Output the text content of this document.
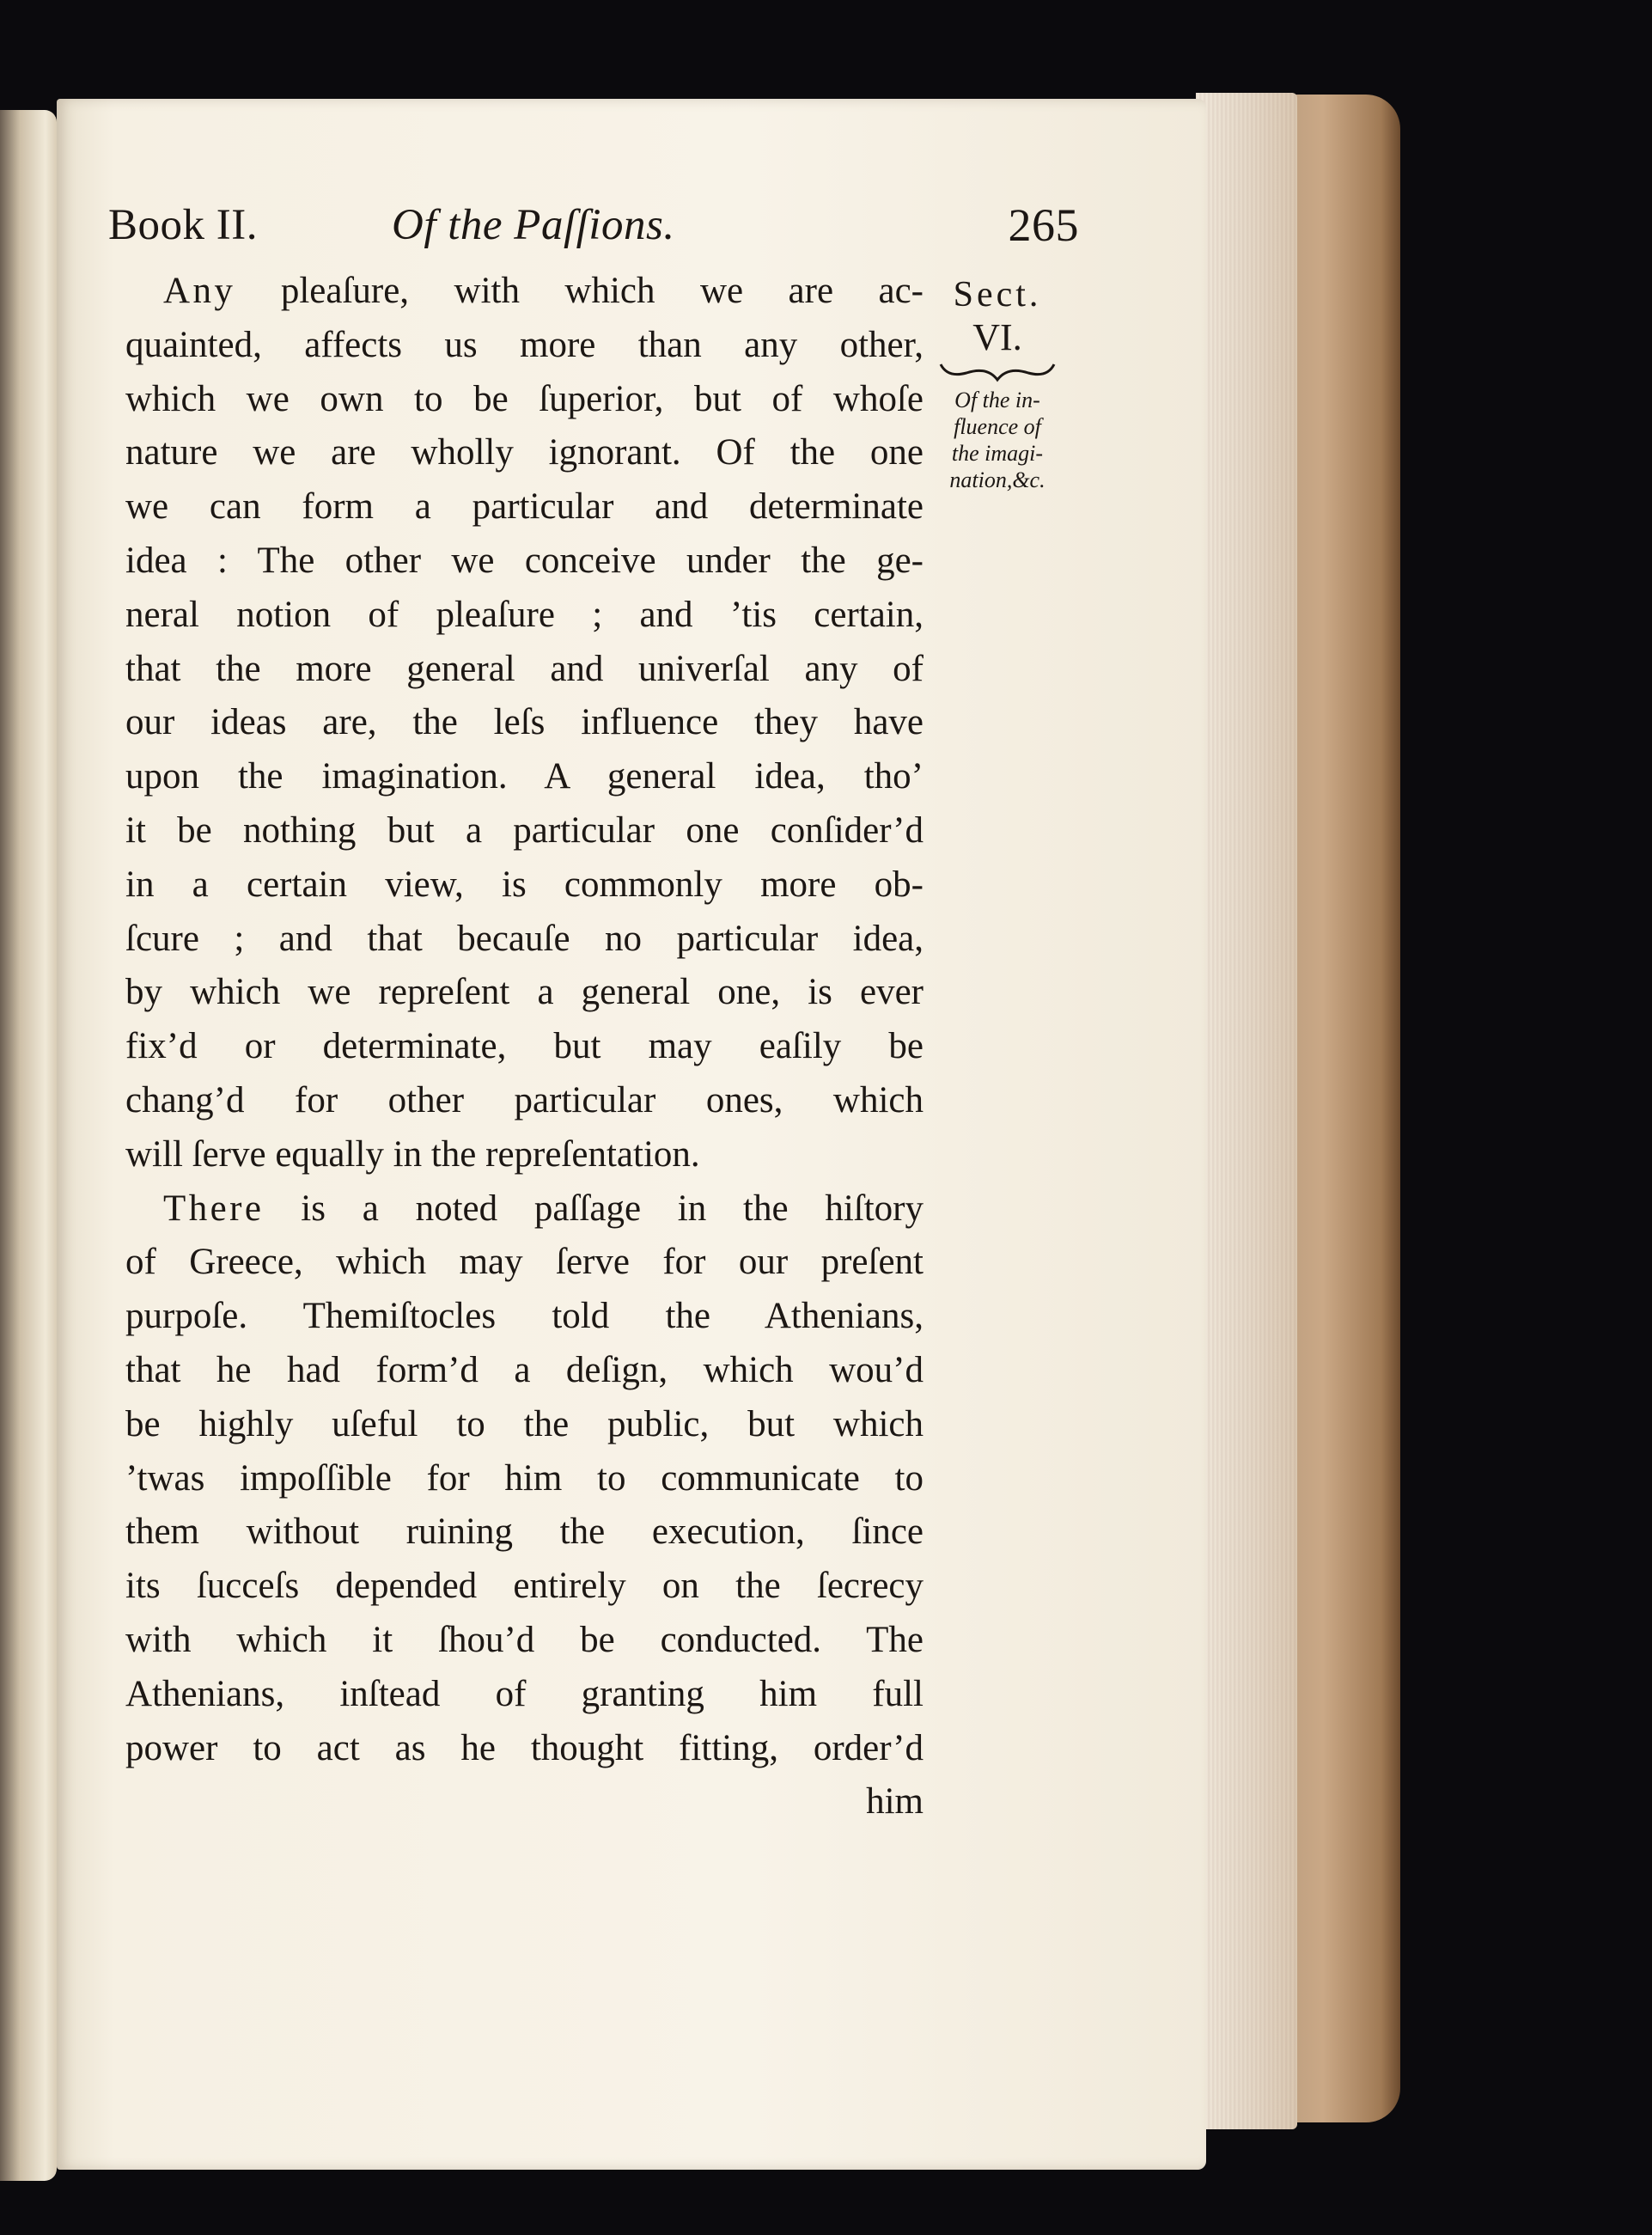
Book II.	Of the Paſſions.	265
Sect.
VI.
Of the in-
fluence of
the imagi-
nation,&c.
Any pleaſure, with which we are ac-
quainted, affects us more than any other,
which we own to be ſuperior, but of whoſe
nature we are wholly ignorant. Of the one
we can form a particular and determinate
idea : The other we conceive under the ge-
neral notion of pleaſure ; and ’tis certain,
that the more general and univerſal any of
our ideas are, the leſs influence they have
upon the imagination. A general idea, tho’
it be nothing but a particular one conſider’d
in a certain view, is commonly more ob-
ſcure ; and that becauſe no particular idea,
by which we repreſent a general one, is ever
fix’d or determinate, but may eaſily be
chang’d for other particular ones, which
will ſerve equally in the repreſentation.
There is a noted paſſage in the hiſtory
of Greece, which may ſerve for our preſent
purpoſe. Themiſtocles told the Athenians,
that he had form’d a deſign, which wou’d
be highly uſeful to the public, but which
’twas impoſſible for him to communicate to
them without ruining the execution, ſince
its ſucceſs depended entirely on the ſecrecy
with which it ſhou’d be conducted. The
Athenians, inſtead of granting him full
power to act as he thought fitting, order’d
him
